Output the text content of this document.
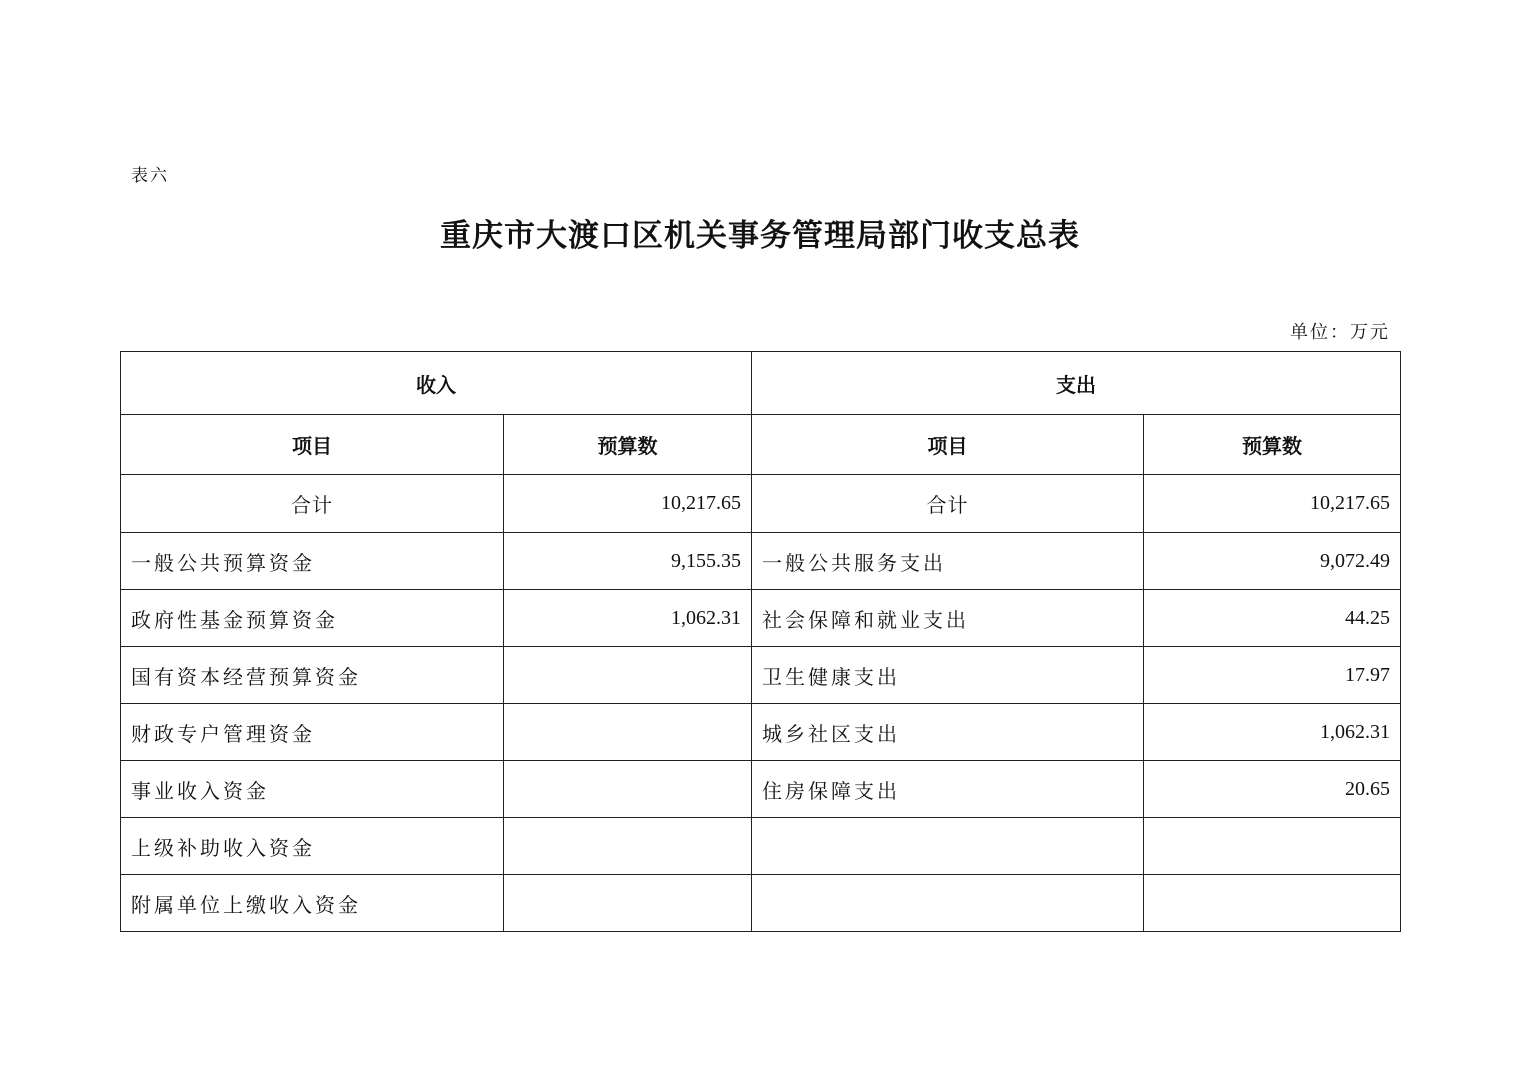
表六
重庆市大渡口区机关事务管理局部门收支总表
单位：万元
收入		支出	
项目	预算数	项目	预算数
合计	10,217.65	合计	10,217.65
一般公共预算资金	9,155.35	一般公共服务支出	9,072.49
政府性基金预算资金	1,062.31	社会保障和就业支出	44.25
国有资本经营预算资金		卫生健康支出	17.97
财政专户管理资金		城乡社区支出	1,062.31
事业收入资金		住房保障支出	20.65
上级补助收入资金			
附属单位上缴收入资金			
